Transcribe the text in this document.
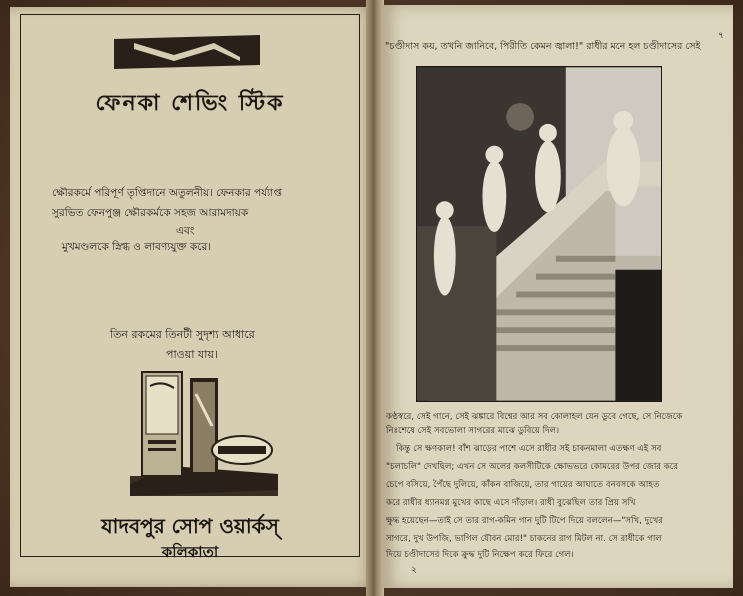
ফেনকা শেভিং স্টিক
ক্ষৌরকর্মে পরিপূর্ণ তৃপ্তিদানে অতুলনীয়। ফেনকার পর্য্যাপ্ত
সুরভিত ফেনপুঞ্জ ক্ষৌরকর্মকে সহজ আরামদায়ক
এবং
মুখমণ্ডলকে স্নিগ্ধ ও লাবণ্যযুক্ত করে।
তিন রকমের তিনটী সুদৃশ্য আধারে
পাওয়া যায়।
যাদবপুর সোপ ওয়ার্কস্
কলিকাতা
৭
"চণ্ডীদাস কয়, তখনি জানিবে, পিরীতি কেমন জ্বালা!" রাধীর মনে হল চণ্ডীদাসের সেই
কণ্ঠস্বরে, সেই গানে, সেই ঝঙ্কারে বিশ্বের আর সব কোলাহল যেন ডুবে গেছে, সে নিজেকে
নিঃশেষে সেই সবভোলা সাগরের মাঝে ডুবিয়ে দিল।
কিন্তু সে ক্ষণকাল! বাঁশ ঝাড়ের পাশে এসে রাধীর সই চাকনমালা এতক্ষণ এই সব
"চলাচলি" দেখছিল; এখন সে অলের কলসীটিকে ক্ষোভভরে কোমরের উপর জোর করে
চেপে বসিয়ে, পৈঁছে দুলিয়ে, কাঁকন বাজিয়ে, তার গায়ের আঘাতে বনবসকে আহত
করে রাধীর ধ্যানমগ্ন মুখের কাছে এসে দাঁড়াল। রাধী বুঝেছিল তার প্রিয় সখি
ক্ষুদ্ধ হয়েছেন—তাই সে তার রাগ-কমিন গান দুটি টিপে দিয়ে বললেন—"সখি, দুখের
সাগরে, দুখ উপজি, ভাগিল যৌবন মোর!" চাকনের রাগ মিটল না. সে রাধীকে গাল
দিয়ে চণ্ডীদাসের দিকে ক্রুদ্ধ দুটি নিক্ষেপ করে ফিরে গেল।
২
